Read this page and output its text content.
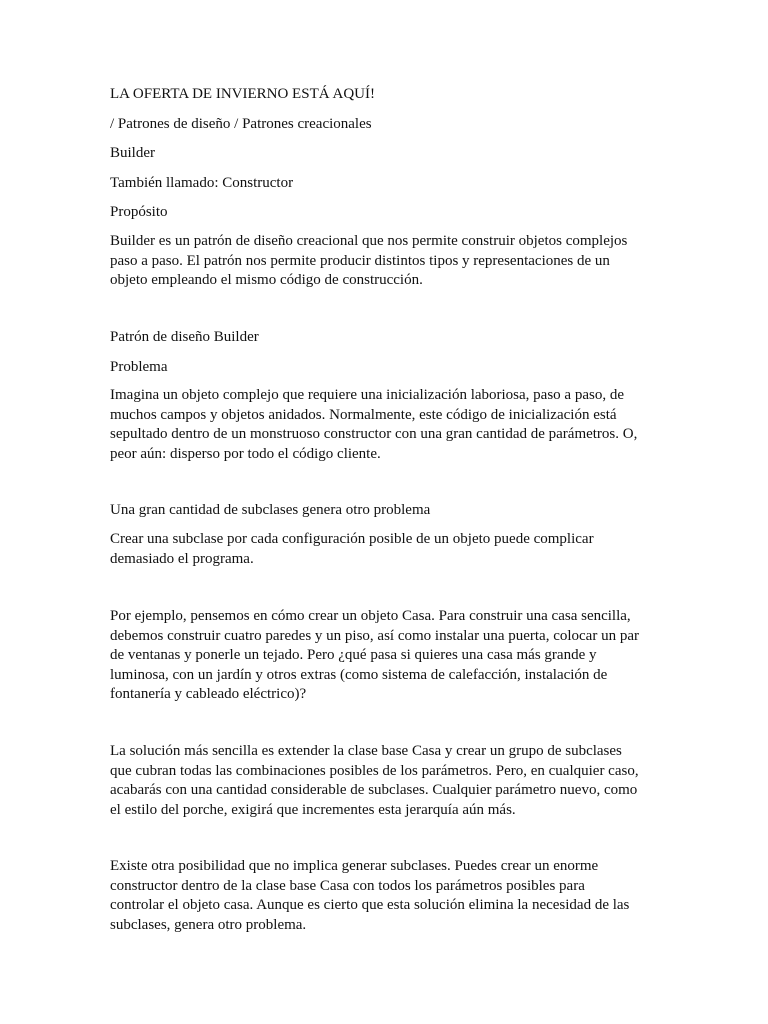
LA OFERTA DE INVIERNO ESTÁ AQUÍ!

/ Patrones de diseño / Patrones creacionales

Builder

También llamado: Constructor

Propósito

Builder es un patrón de diseño creacional que nos permite construir objetos complejos
paso a paso. El patrón nos permite producir distintos tipos y representaciones de un
objeto empleando el mismo código de construcción.

Patrón de diseño Builder

Problema

Imagina un objeto complejo que requiere una inicialización laboriosa, paso a paso, de
muchos campos y objetos anidados. Normalmente, este código de inicialización está
sepultado dentro de un monstruoso constructor con una gran cantidad de parámetros. O,
peor aún: disperso por todo el código cliente.

Una gran cantidad de subclases genera otro problema

Crear una subclase por cada configuración posible de un objeto puede complicar
demasiado el programa.
Por ejemplo, pensemos en cómo crear un objeto Casa. Para construir una casa sencilla,
debemos construir cuatro paredes y un piso, así como instalar una puerta, colocar un par
de ventanas y ponerle un tejado. Pero ¿qué pasa si quieres una casa más grande y
luminosa, con un jardín y otros extras (como sistema de calefacción, instalación de
fontanería y cableado eléctrico)?
La solución más sencilla es extender la clase base Casa y crear un grupo de subclases
que cubran todas las combinaciones posibles de los parámetros. Pero, en cualquier caso,
acabarás con una cantidad considerable de subclases. Cualquier parámetro nuevo, como
el estilo del porche, exigirá que incrementes esta jerarquía aún más.
Existe otra posibilidad que no implica generar subclases. Puedes crear un enorme
constructor dentro de la clase base Casa con todos los parámetros posibles para
controlar el objeto casa. Aunque es cierto que esta solución elimina la necesidad de las
subclases, genera otro problema.
